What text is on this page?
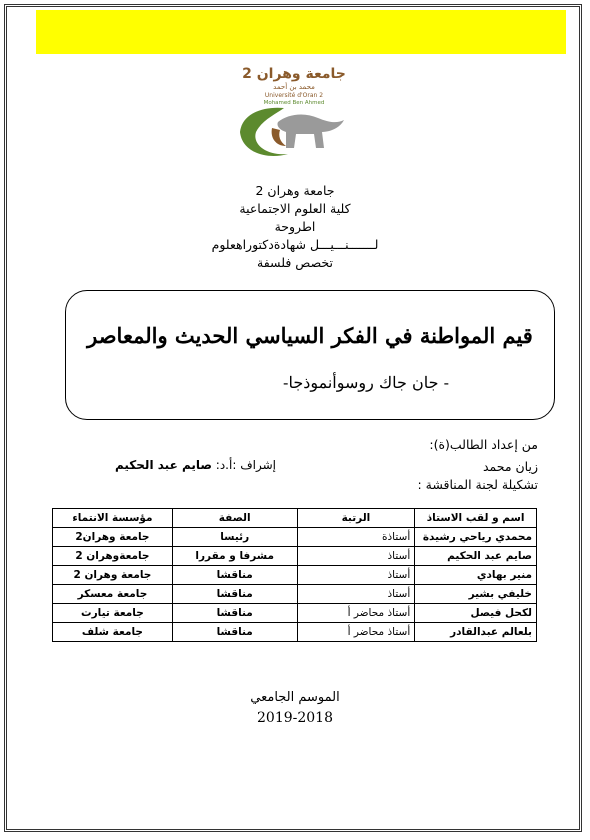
جامعة وهران 2
محمد بن أحمد
Université d'Oran 2
Mohamed Ben Ahmed
جامعة وهران 2
كلية العلوم الاجتماعية
اطروحة
لـــــــنـــيـــل شهادةدكتوراهعلوم
تخصص فلسفة
قيم المواطنة في الفكر السياسي الحديث والمعاصر
- جان جاك روسوأنموذجا-
من إعداد الطالب(ة):
زيان محمد
تشكيلة لجنة المناقشة :
إشراف :أ.د: صايم عبد الحكيم
اسم و لقب الاستاذ	الرتبة	الصفة	مؤسسة الانتماء
محمدي رياحي رشيدة	أستاذة	رئيسا	جامعة وهران2
صايم عبد الحكيم	أستاذ	مشرفا و مقررا	جامعةوهران 2
منير بهادي	أستاذ	مناقشا	جامعة وهران 2
خليفي بشير	أستاذ	مناقشا	جامعة معسكر
لكحل فيصل	أستاذ محاضر أ	مناقشا	جامعة تيارت
بلعالم عبدالقادر	أستاذ محاضر أ	مناقشا	جامعة شلف
الموسم الجامعي
2019-2018
